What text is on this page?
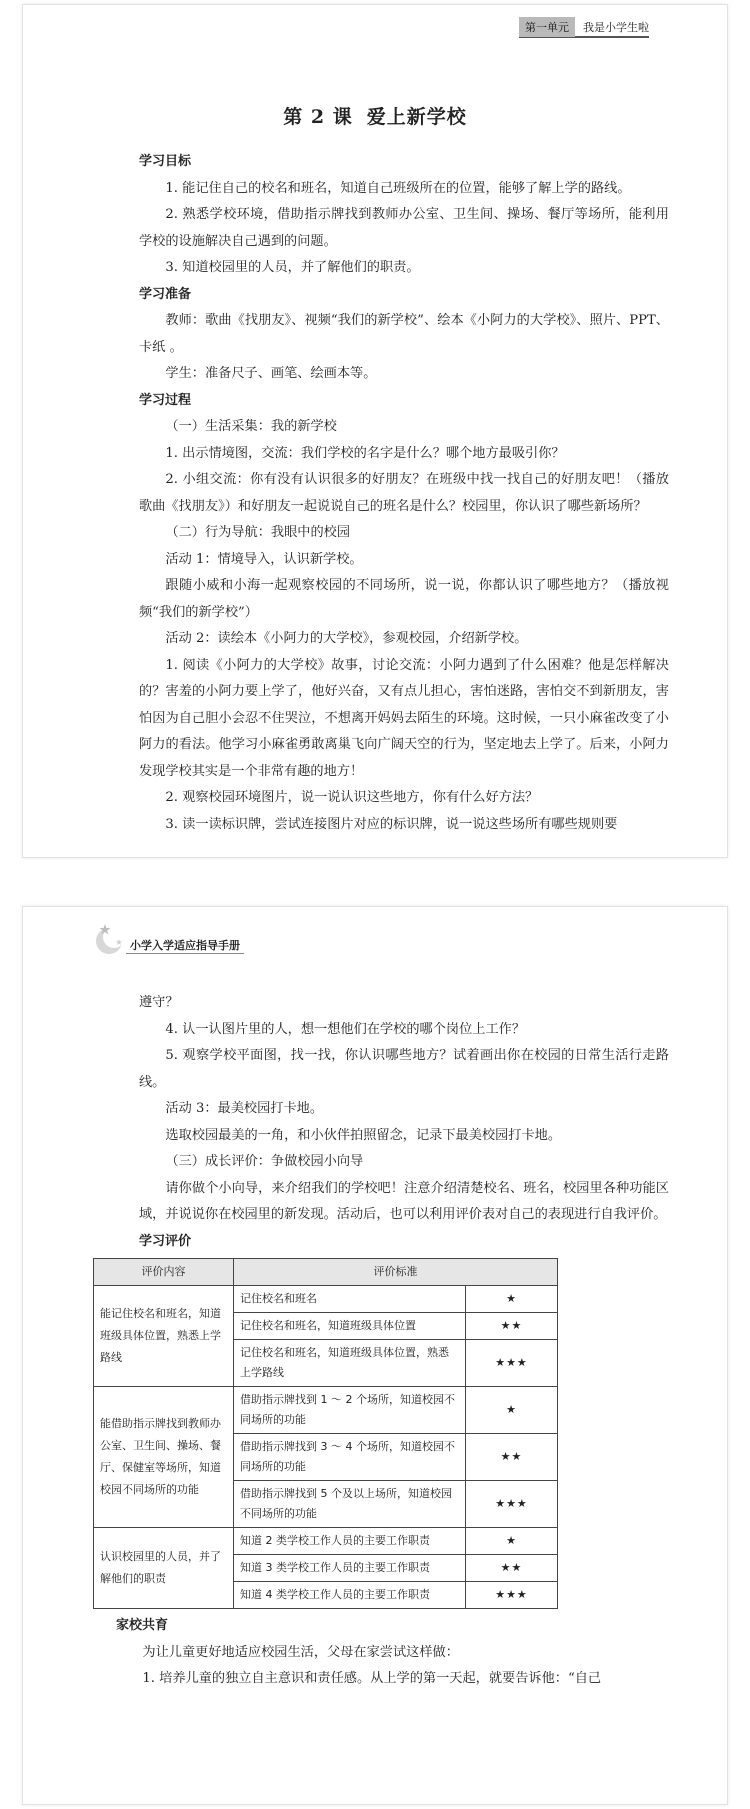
第一单元	我是小学生啦
第 2 课 爱上新学校
学习目标
1. 能记住自己的校名和班名，知道自己班级所在的位置，能够了解上学的路线。
2. 熟悉学校环境，借助指示牌找到教师办公室、卫生间、操场、餐厅等场所，能利用学校的设施解决自己遇到的问题。
3. 知道校园里的人员，并了解他们的职责。
学习准备
教师：歌曲《找朋友》、视频“我们的新学校”、绘本《小阿力的大学校》、照片、PPT、卡纸 。
学生：准备尺子、画笔、绘画本等。
学习过程
（一）生活采集：我的新学校
1. 出示情境图，交流：我们学校的名字是什么？哪个地方最吸引你？
2. 小组交流：你有没有认识很多的好朋友？在班级中找一找自己的好朋友吧！（播放歌曲《找朋友》）和好朋友一起说说自己的班名是什么？校园里，你认识了哪些新场所？
（二）行为导航：我眼中的校园
活动 1：情境导入，认识新学校。
跟随小威和小海一起观察校园的不同场所，说一说，你都认识了哪些地方？（播放视频“我们的新学校”）
活动 2：读绘本《小阿力的大学校》，参观校园，介绍新学校。
1. 阅读《小阿力的大学校》故事，讨论交流：小阿力遇到了什么困难？他是怎样解决的？害羞的小阿力要上学了，他好兴奋，又有点儿担心，害怕迷路，害怕交不到新朋友，害怕因为自己胆小会忍不住哭泣，不想离开妈妈去陌生的环境。这时候，一只小麻雀改变了小阿力的看法。他学习小麻雀勇敢离巢飞向广阔天空的行为，坚定地去上学了。后来，小阿力发现学校其实是一个非常有趣的地方！
2. 观察校园环境图片，说一说认识这些地方，你有什么好方法？
3. 读一读标识牌，尝试连接图片对应的标识牌，说一说这些场所有哪些规则要
小学入学适应指导手册
遵守？
4. 认一认图片里的人，想一想他们在学校的哪个岗位上工作？
5. 观察学校平面图，找一找，你认识哪些地方？试着画出你在校园的日常生活行走路线。
活动 3：最美校园打卡地。
选取校园最美的一角，和小伙伴拍照留念，记录下最美校园打卡地。
（三）成长评价：争做校园小向导
请你做个小向导，来介绍我们的学校吧！注意介绍清楚校名、班名，校园里各种功能区域，并说说你在校园里的新发现。活动后，也可以利用评价表对自己的表现进行自我评价。
学习评价
评价内容	评价标准	
能记住校名和班名，知道班级具体位置，熟悉上学路线	记住校名和班名	★
	记住校名和班名，知道班级具体位置	★★
	记住校名和班名，知道班级具体位置，熟悉上学路线	★★★
能借助指示牌找到教师办公室、卫生间、操场、餐厅、保健室等场所，知道校园不同场所的功能	借助指示牌找到 1 ～ 2 个场所，知道校园不同场所的功能	★
	借助指示牌找到 3 ～ 4 个场所，知道校园不同场所的功能	★★
	借助指示牌找到 5 个及以上场所，知道校园不同场所的功能	★★★
认识校园里的人员，并了解他们的职责	知道 2 类学校工作人员的主要工作职责	★
	知道 3 类学校工作人员的主要工作职责	★★
	知道 4 类学校工作人员的主要工作职责	★★★
家校共育
为让儿童更好地适应校园生活，父母在家尝试这样做：
1. 培养儿童的独立自主意识和责任感。从上学的第一天起，就要告诉他：“自己
